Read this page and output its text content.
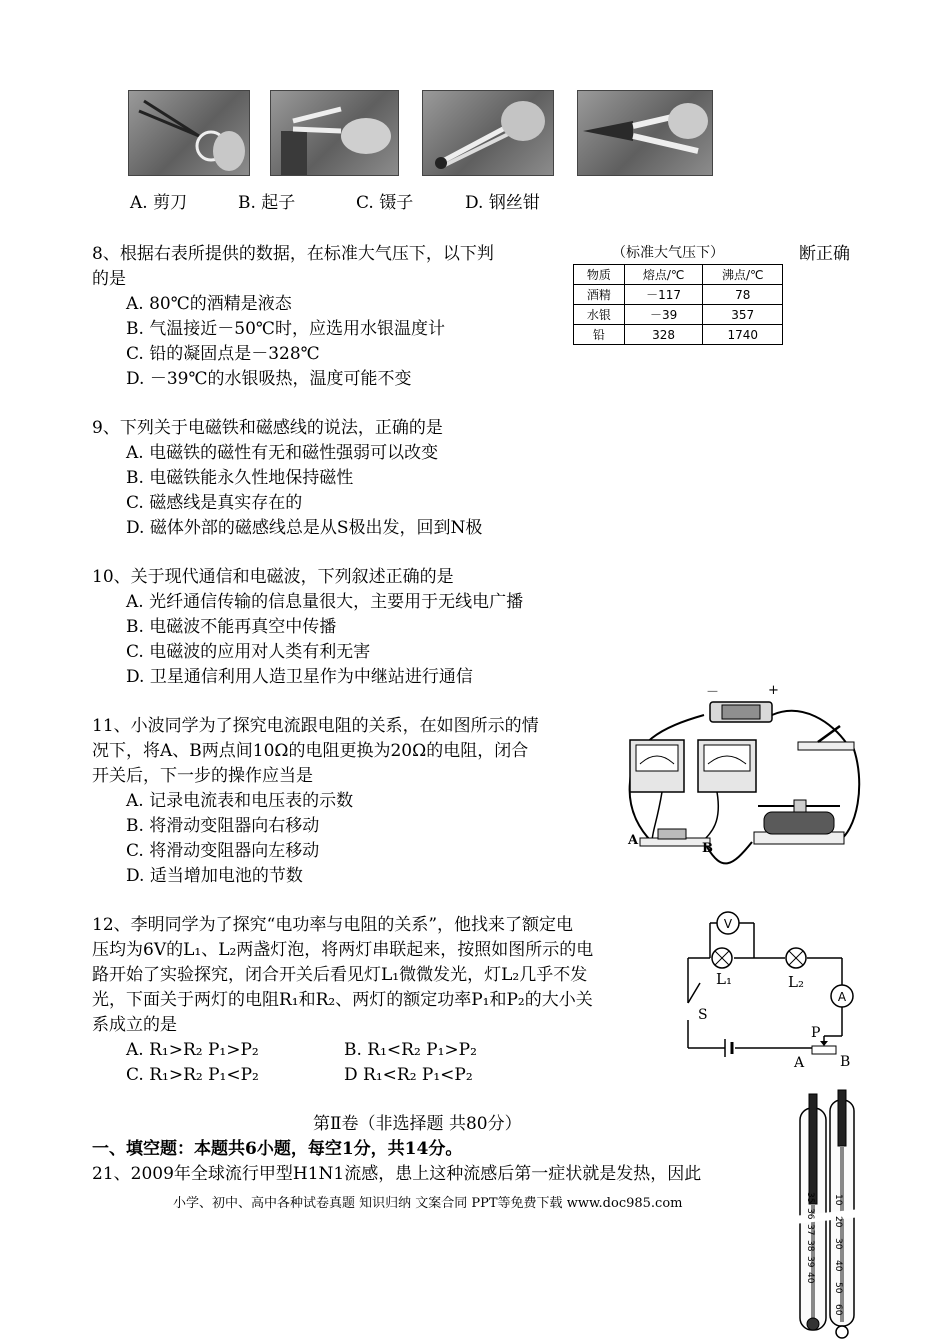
A. 剪刀	B. 起子	C. 镊子	D. 钢丝钳
8、根据右表所提供的数据，在标准大气压下，以下判	断正确
的是
A. 80℃的酒精是液态
B. 气温接近－50℃时，应选用水银温度计
C. 铅的凝固点是－328℃
D. －39℃的水银吸热，温度可能不变
（标准大气压下）
物质	熔点/℃	沸点/℃
酒精	－117	78
水银	－39	357
铅	328	1740
9、下列关于电磁铁和磁感线的说法，正确的是
A. 电磁铁的磁性有无和磁性强弱可以改变
B. 电磁铁能永久性地保持磁性
C. 磁感线是真实存在的
D. 磁体外部的磁感线总是从S极出发，回到N极
10、关于现代通信和电磁波，下列叙述正确的是
A. 光纤通信传输的信息量很大，主要用于无线电广播
B. 电磁波不能再真空中传播
C. 电磁波的应用对人类有利无害
D. 卫星通信利用人造卫星作为中继站进行通信
11、小波同学为了探究电流跟电阻的关系，在如图所示的情
况下，将A、B两点间10Ω的电阻更换为20Ω的电阻，闭合
开关后，下一步的操作应当是
A. 记录电流表和电压表的示数
B. 将滑动变阻器向右移动
C. 将滑动变阻器向左移动
D. 适当增加电池的节数
－	+
A
B
12、李明同学为了探究“电功率与电阻的关系”，他找来了额定电
压均为6V的L₁、L₂两盏灯泡，将两灯串联起来，按照如图所示的电
路开始了实验探究，闭合开关后看见灯L₁微微发光，灯L₂几乎不发
光，下面关于两灯的电阻R₁和R₂、两灯的额定功率P₁和P₂的大小关
系成立的是
A. R₁>R₂ P₁>P₂	B. R₁<R₂ P₁>P₂
C. R₁>R₂ P₁<P₂	D R₁<R₂ P₁<P₂
V
L₁	L₂
A
S
P
A	B
第Ⅱ卷（非选择题 共80分）
一、填空题：本题共6小题，每空1分，共14分。
21、2009年全球流行甲型H1N1流感，患上这种流感后第一症状就是发热，因此
小学、初中、高中各种试卷真题 知识归纳 文案合同 PPT等免费下载 www.doc985.com	35
36
37
38
39
40
10
20
30
40
50
60
